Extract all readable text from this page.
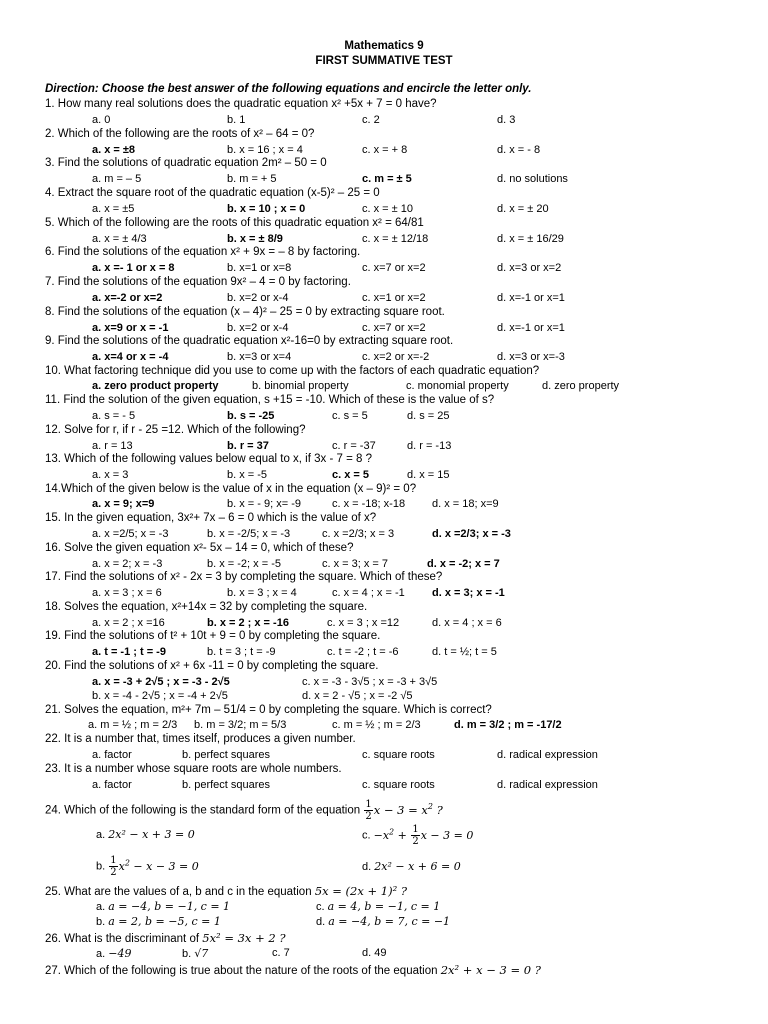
Mathematics 9
FIRST SUMMATIVE TEST
Direction: Choose the best answer of the following equations and encircle the letter only.
1. How many real solutions does the quadratic equation x² +5x + 7 = 0 have?
a. 0	b. 1	c. 2	d. 3
2. Which of the following are the roots of x² – 64 = 0?
a. x = ±8	b. x = 16 ; x = 4	c. x = + 8	d. x = - 8
3. Find the solutions of quadratic equation 2m² – 50 = 0
a. m = – 5	b. m = + 5	c. m = ± 5	d. no solutions
4. Extract the square root of the quadratic equation (x-5)² – 25 = 0
a. x = ±5	b. x = 10 ; x = 0	c. x = ± 10	d. x = ± 20
5. Which of the following are the roots of this quadratic equation x² = 64/81
a. x = ± 4/3	b. x = ± 8/9	c. x = ± 12/18	d. x = ± 16/29
6. Find the solutions of the equation x² + 9x = – 8 by factoring.
a. x =- 1 or x = 8	b. x=1 or x=8	c. x=7 or x=2	d. x=3 or x=2
7. Find the solutions of the equation 9x² – 4 = 0 by factoring.
a. x=-2 or x=2	b. x=2 or x-4	c. x=1 or x=2	d. x=-1 or x=1
8. Find the solutions of the equation (x – 4)² – 25 = 0 by extracting square root.
a. x=9 or x = -1	b. x=2 or x-4	c. x=7 or x=2	d. x=-1 or x=1
9. Find the solutions of the quadratic equation x²-16=0 by extracting square root.
a. x=4 or x = -4	b. x=3 or x=4	c. x=2 or x=-2	d. x=3 or x=-3
10. What factoring technique did you use to come up with the factors of each quadratic equation?
a. zero product property	b. binomial property	c. monomial property	d. zero property
11. Find the solution of the given equation, s +15 = -10. Which of these is the value of s?
a. s = - 5	b. s = -25	c. s = 5	d. s = 25
12. Solve for r, if r - 25 =12. Which of the following?
a. r = 13	b. r = 37	c. r = -37	d. r = -13
13. Which of the following values below equal to x, if 3x - 7 = 8 ?
a. x = 3	b. x = -5	c. x = 5	d. x = 15
14.Which of the given below is the value of x in the equation (x – 9)² = 0?
a. x = 9; x=9	b. x = - 9; x= -9	c. x = -18; x-18 d. x = 18; x=9
15. In the given equation, 3x²+ 7x – 6 = 0 which is the value of x?
a. x =2/5; x = -3	b. x = -2/5; x = -3	c. x =2/3; x = 3	d. x =2/3; x = -3
16. Solve the given equation x²- 5x – 14 = 0, which of these?
a. x = 2; x = -3	b. x = -2; x = -5	c. x = 3; x = 7	d. x = -2; x = 7
17. Find the solutions of x² - 2x = 3 by completing the square. Which of these?
a. x = 3 ; x = 6	b. x = 3 ; x = 4	c. x = 4 ; x = -1 d. x = 3; x = -1
18. Solves the equation, x²+14x = 32 by completing the square.
a. x = 2 ; x =16	b. x = 2 ; x = -16	c. x = 3 ; x =12	d. x = 4 ; x = 6
19. Find the solutions of t² + 10t + 9 = 0 by completing the square.
a. t = -1 ; t = -9	b. t = 3 ; t = -9	c. t = -2 ; t = -6	d. t = ½; t = 5
20. Find the solutions of x² + 6x -11 = 0 by completing the square.
a. x = -3 + 2√5 ; x = -3 - 2√5	c. x = -3 - 3√5 ; x = -3 + 3√5
b. x = -4 - 2√5 ; x = -4 + 2√5	d. x = 2 - √5 ; x = -2 √5
21. Solves the equation, m²+ 7m – 51/4 = 0 by completing the square. Which is correct?
a. m = ½ ; m = 2/3 b. m = 3/2; m = 5/3	c. m = ½ ; m = 2/3	d. m = 3/2 ; m = -17/2
22. It is a number that, times itself, produces a given number.
a. factor	b. perfect squares	c. square roots	d. radical expression
23. It is a number whose square roots are whole numbers.
a. factor	b. perfect squares	c. square roots	d. radical expression
24. Which of the following is the standard form of the equation $\frac{1}{2}$ $x - 3 = x^2$ ?
a. 2x² − x + 3 = 0	c. $-x^2 + \frac{1}{2}$ x − 3 = 0
b. $\frac{1}{2} x^2 - x - 3 = 0$	d. 2x² − x + 6 = 0
25. What are the values of a, b and c in the equation 5x = (2x + 1)² ?
a. a = −4, b = −1, c = 1	c. a = 4, b = −1, c = 1
b. a = 2, b = −5, c = 1	d. a = −4, b = 7, c = −1
26. What is the discriminant of 5x² = 3x + 2 ?
a. −49	b. √7	c. 7	d. 49
27. Which of the following is true about the nature of the roots of the equation 2x² + x − 3 = 0 ?
